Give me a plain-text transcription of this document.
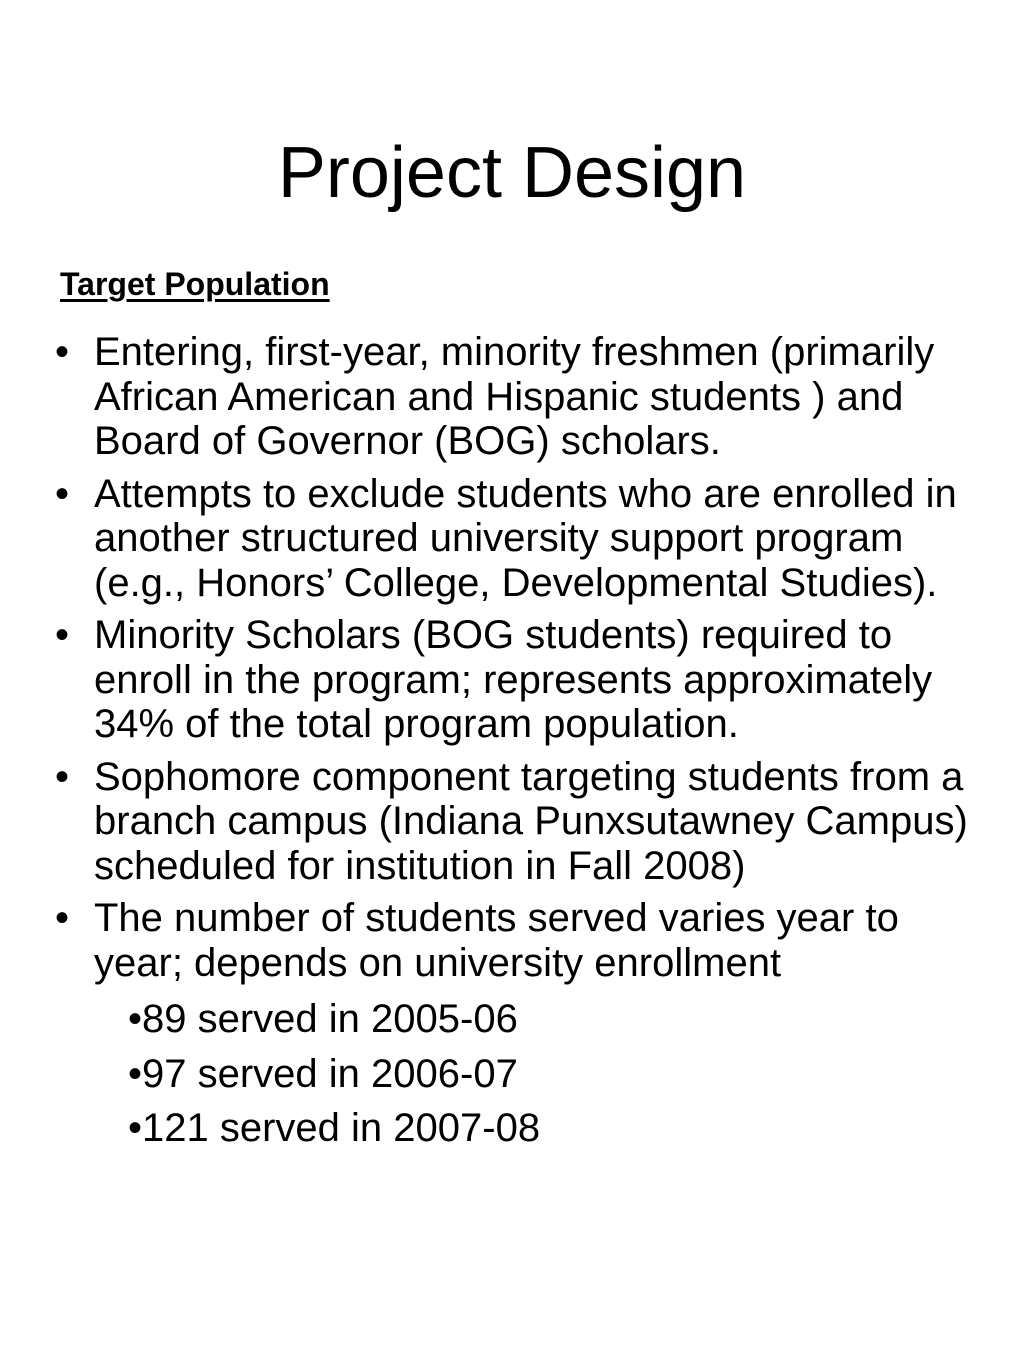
Project Design
Target Population
• Entering, first-year, minority freshmen (primarily African American and Hispanic students ) and Board of Governor (BOG) scholars.
• Attempts to exclude students who are enrolled in another structured university support program (e.g., Honors’ College, Developmental Studies).
• Minority Scholars (BOG students) required to enroll in the program; represents approximately 34% of the total program population.
• Sophomore component targeting students from a branch campus (Indiana Punxsutawney Campus) scheduled for institution in Fall 2008)
• The number of students served varies year to year; depends on university enrollment
• 89 served in 2005-06
• 97 served in 2006-07
• 121 served in 2007-08
